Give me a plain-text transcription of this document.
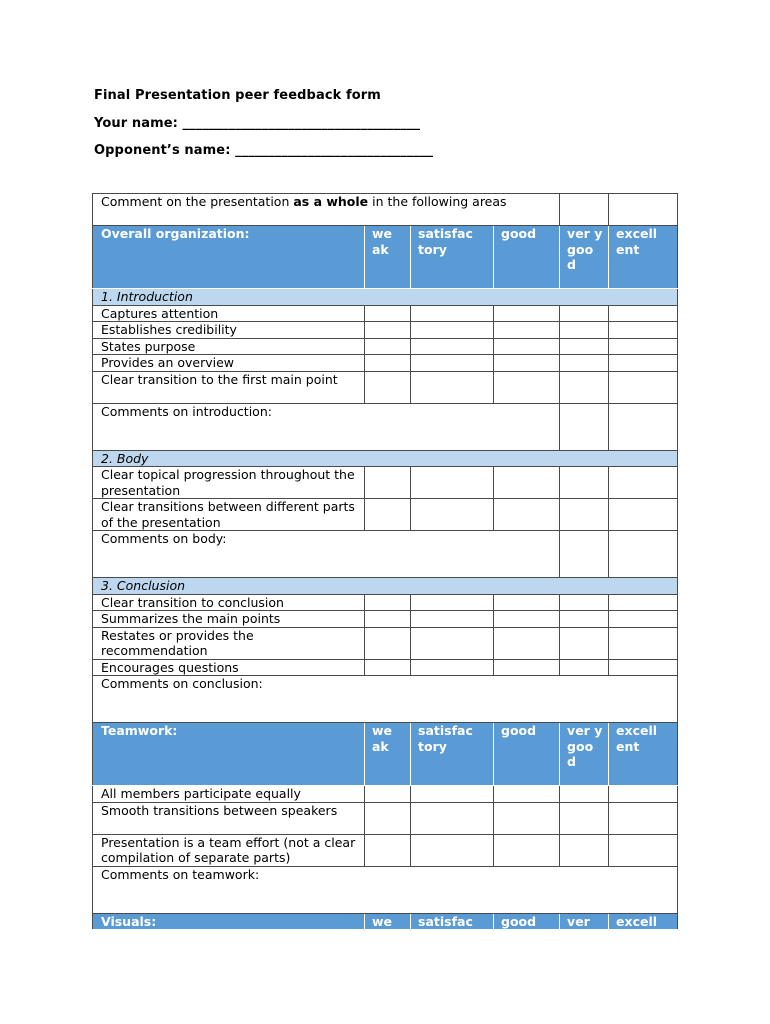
Final Presentation peer feedback form
Your name: ____________________________________
Opponent’s name: ______________________________
Comment on the presentation as a whole in the following areas					
Overall organization:	we ak	satisfac tory	good	ver y goo d	excell ent
1. Introduction					
Captures attention					
Establishes credibility					
States purpose					
Provides an overview					
Clear transition to the first main point					
Comments on introduction:					
2. Body					
Clear topical progression throughout the presentation					
Clear transitions between different parts of the presentation					
Comments on body:					
3. Conclusion					
Clear transition to conclusion					
Summarizes the main points					
Restates or provides the recommendation					
Encourages questions					
Comments on conclusion:					
Teamwork:	we ak	satisfac tory	good	ver y goo d	excell ent
All members participate equally					
Smooth transitions between speakers					
Presentation is a team effort (not a clear compilation of separate parts)					
Comments on teamwork:					
Visuals:	we	satisfac	good	ver	excell
